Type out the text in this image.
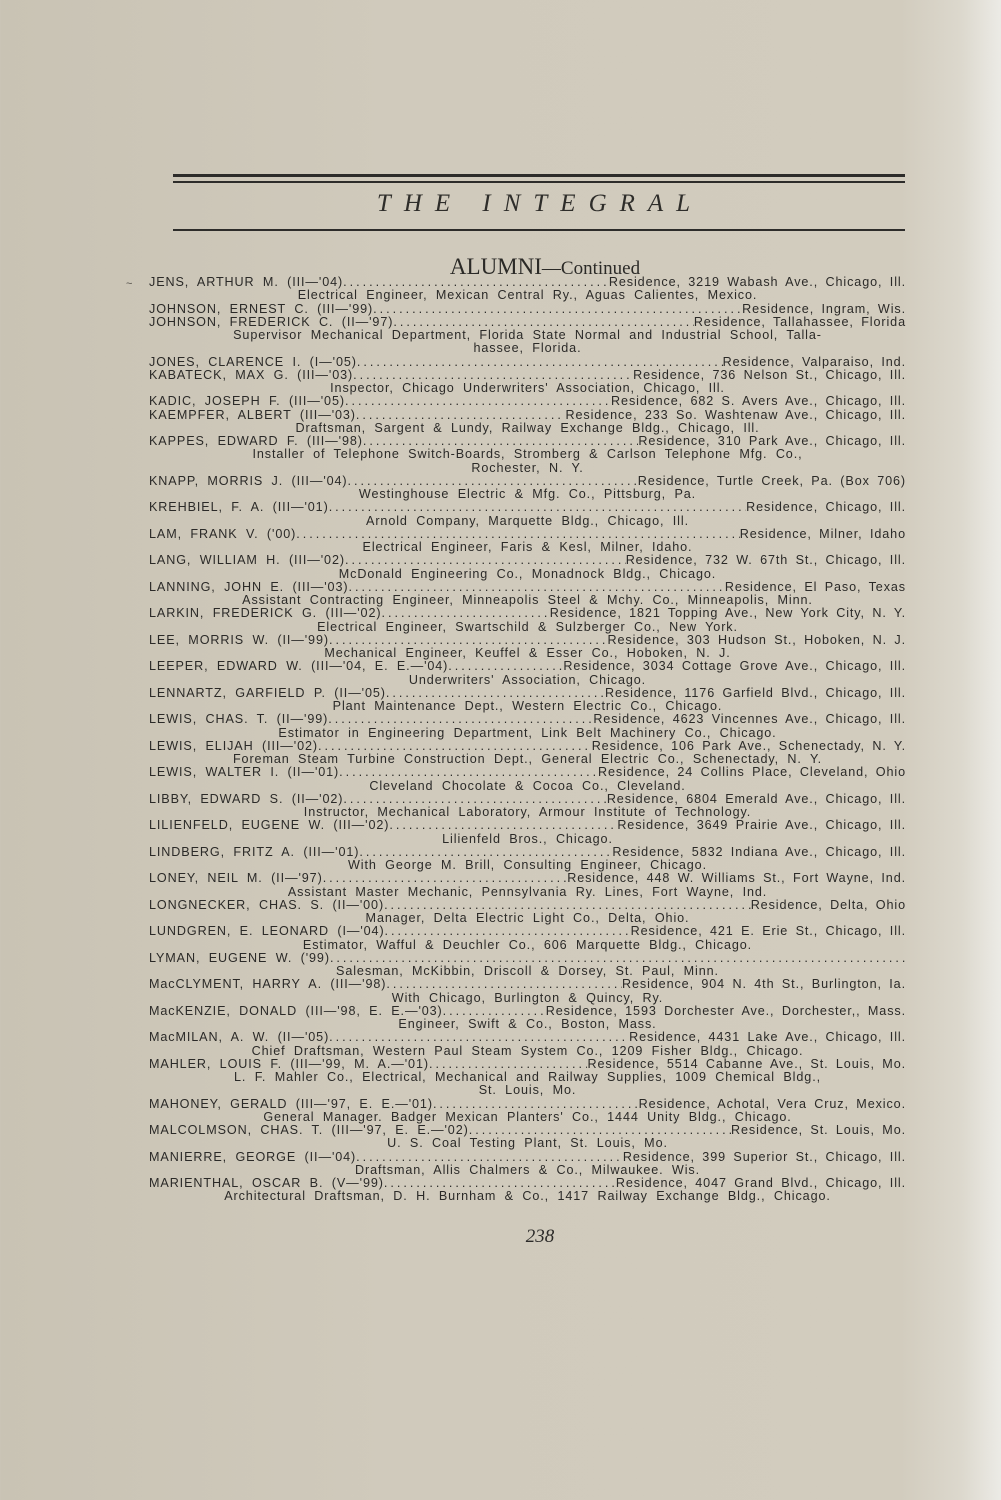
THE INTEGRAL
ALUMNI—Continued
~ JENS, ARTHUR M. (III—'04) .....	Residence, 3219 Wabash Ave., Chicago, Ill.
Electrical Engineer, Mexican Central Ry., Aguas Calientes, Mexico.
JOHNSON, ERNEST C. (III—'99) .....	Residence, Ingram, Wis.
JOHNSON, FREDERICK C. (II—'97) .....	Residence, Tallahassee, Florida
Supervisor Mechanical Department, Florida State Normal and Industrial School, Talla-
hassee, Florida.
JONES, CLARENCE I. (I—'05) .....	Residence, Valparaiso, Ind.
KABATECK, MAX G. (III—'03) .....	Residence, 736 Nelson St., Chicago, Ill.
Inspector, Chicago Underwriters' Association, Chicago, Ill.
KADIC, JOSEPH F. (III—'05) .....	Residence, 682 S. Avers Ave., Chicago, Ill.
KAEMPFER, ALBERT (III—'03) .....	Residence, 233 So. Washtenaw Ave., Chicago, Ill.
Draftsman, Sargent & Lundy, Railway Exchange Bldg., Chicago, Ill.
KAPPES, EDWARD F. (III—'98) .....	Residence, 310 Park Ave., Chicago, Ill.
Installer of Telephone Switch-Boards, Stromberg & Carlson Telephone Mfg. Co.,
Rochester, N. Y.
KNAPP, MORRIS J. (III—'04) .....	Residence, Turtle Creek, Pa. (Box 706)
Westinghouse Electric & Mfg. Co., Pittsburg, Pa.
KREHBIEL, F. A. (III—'01) .....	Residence, Chicago, Ill.
Arnold Company, Marquette Bldg., Chicago, Ill.
LAM, FRANK V. ('00) .....	Residence, Milner, Idaho
Electrical Engineer, Faris & Kesl, Milner, Idaho.
LANG, WILLIAM H. (III—'02) .....	Residence, 732 W. 67th St., Chicago, Ill.
McDonald Engineering Co., Monadnock Bldg., Chicago.
LANNING, JOHN E. (III—'03) .....	Residence, El Paso, Texas
Assistant Contracting Engineer, Minneapolis Steel & Mchy. Co., Minneapolis, Minn.
LARKIN, FREDERICK G. (III—'02) .....	Residence, 1821 Topping Ave., New York City, N. Y.
Electrical Engineer, Swartschild & Sulzberger Co., New York.
LEE, MORRIS W. (II—'99) .....	Residence, 303 Hudson St., Hoboken, N. J.
Mechanical Engineer, Keuffel & Esser Co., Hoboken, N. J.
LEEPER, EDWARD W. (III—'04, E. E.—'04) .....	Residence, 3034 Cottage Grove Ave., Chicago, Ill.
Underwriters' Association, Chicago.
LENNARTZ, GARFIELD P. (II—'05) .....	Residence, 1176 Garfield Blvd., Chicago, Ill.
Plant Maintenance Dept., Western Electric Co., Chicago.
LEWIS, CHAS. T. (II—'99) .....	Residence, 4623 Vincennes Ave., Chicago, Ill.
Estimator in Engineering Department, Link Belt Machinery Co., Chicago.
LEWIS, ELIJAH (III—'02) .....	Residence, 106 Park Ave., Schenectady, N. Y.
Foreman Steam Turbine Construction Dept., General Electric Co., Schenectady, N. Y.
LEWIS, WALTER I. (II—'01) .....	Residence, 24 Collins Place, Cleveland, Ohio
Cleveland Chocolate & Cocoa Co., Cleveland.
LIBBY, EDWARD S. (II—'02) .....	Residence, 6804 Emerald Ave., Chicago, Ill.
Instructor, Mechanical Laboratory, Armour Institute of Technology.
LILIENFELD, EUGENE W. (III—'02) .....	Residence, 3649 Prairie Ave., Chicago, Ill.
Lilienfeld Bros., Chicago.
LINDBERG, FRITZ A. (III—'01) .....	Residence, 5832 Indiana Ave., Chicago, Ill.
With George M. Brill, Consulting Engineer, Chicago.
LONEY, NEIL M. (II—'97) .....	Residence, 448 W. Williams St., Fort Wayne, Ind.
Assistant Master Mechanic, Pennsylvania Ry. Lines, Fort Wayne, Ind.
LONGNECKER, CHAS. S. (II—'00) .....	Residence, Delta, Ohio
Manager, Delta Electric Light Co., Delta, Ohio.
LUNDGREN, E. LEONARD (I—'04) .....	Residence, 421 E. Erie St., Chicago, Ill.
Estimator, Wafful & Deuchler Co., 606 Marquette Bldg., Chicago.
LYMAN, EUGENE W. ('99)
.....
Salesman, McKibbin, Driscoll & Dorsey, St. Paul, Minn.
MacCLYMENT, HARRY A. (III—'98) .....	Residence, 904 N. 4th St., Burlington, Ia.
With Chicago, Burlington & Quincy, Ry.
MacKENZIE, DONALD (III—'98, E. E.—'03) .....	Residence, 1593 Dorchester Ave., Dorchester,, Mass.
Engineer, Swift & Co., Boston, Mass.
MacMILAN, A. W. (II—'05) .....	Residence, 4431 Lake Ave., Chicago, Ill.
Chief Draftsman, Western Paul Steam System Co., 1209 Fisher Bldg., Chicago.
MAHLER, LOUIS F. (III—'99, M. A.—'01) .....	Residence, 5514 Cabanne Ave., St. Louis, Mo.
L. F. Mahler Co., Electrical, Mechanical and Railway Supplies, 1009 Chemical Bldg.,
St. Louis, Mo.
MAHONEY, GERALD (III—'97, E. E.—'01) .....	Residence, Achotal, Vera Cruz, Mexico.
General Manager. Badger Mexican Planters' Co., 1444 Unity Bldg., Chicago.
MALCOLMSON, CHAS. T. (III—'97, E. E.—'02) .....	Residence, St. Louis, Mo.
U. S. Coal Testing Plant, St. Louis, Mo.
MANIERRE, GEORGE (II—'04) .....	Residence, 399 Superior St., Chicago, Ill.
Draftsman, Allis Chalmers & Co., Milwaukee. Wis.
MARIENTHAL, OSCAR B. (V—'99) .....	Residence, 4047 Grand Blvd., Chicago, Ill.
Architectural Draftsman, D. H. Burnham & Co., 1417 Railway Exchange Bldg., Chicago.
238
